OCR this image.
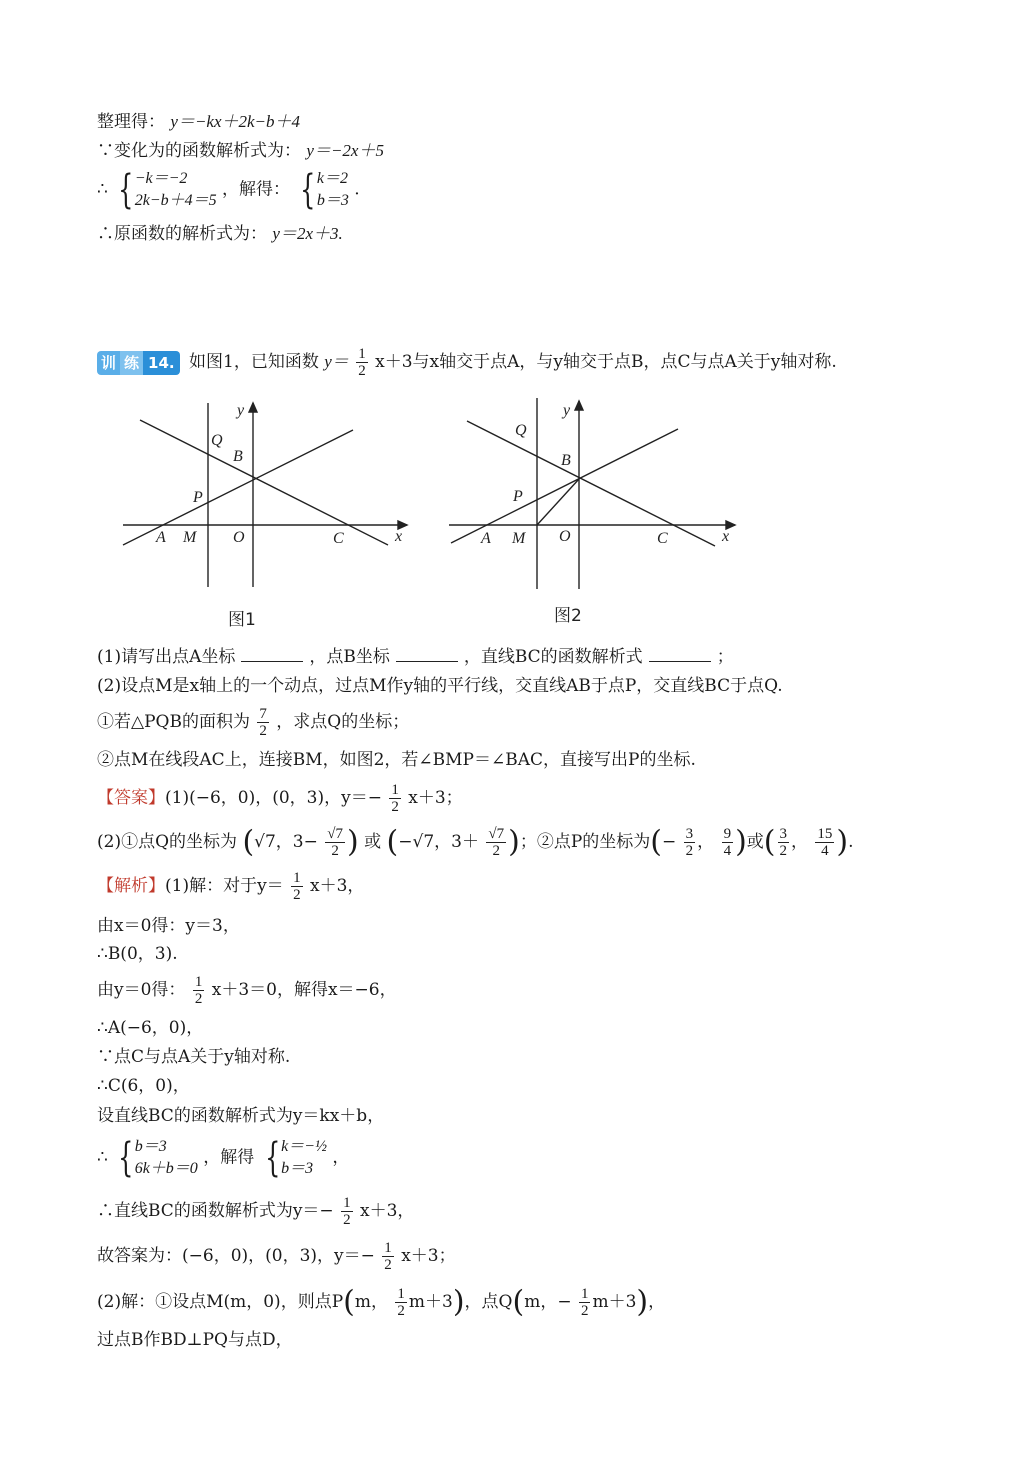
整理得： y＝−kx＋2k−b＋4
∵变化为的函数解析式为： y＝−2x＋5
∴ { −k＝−2
2k−b＋4＝5
，解得： { k＝2
b＝3
.
∴原函数的解析式为： y＝2x＋3.
训 练 14. 如图1，已知函数 $y= \frac{1}{2} x+3$与x轴交于点A，与y轴交于点B，点C与点A关于y轴对称.
y
x
Q
B
P
A M O	C
图1
y
x
Q
B
P
A M O	C
图2
(1)请写出点A坐标	，点B坐标	，直线BC的函数解析式	；
(2)设点M是x轴上的一个动点，过点M作y轴的平行线，交直线AB于点P，交直线BC于点Q.
①若△PQB的面积为 $\frac{7}{2}$ ，求点Q的坐标；
②点M在线段AC上，连接BM，如图2，若∠BMP＝∠BAC，直接写出P的坐标.
【答案】(1)(−6，0)，(0，3)，$y=- \frac{1}{2} x+3$；
(2)①点Q的坐标为 (√7，$3- \frac{√7}{2}$ ) 或 (−√7，$3+ \frac{√7}{2}$ )；②点P的坐标为(− $\frac{3}{2}$ ， $\frac{9}{4}$ )或( $\frac{3}{2}$ ， $\frac{15}{4}$ ).
【解析】(1)解：对于$y= \frac{1}{2} x+3$，
由x＝0得：y＝3，
∴B(0，3).
由y＝0得： $\frac{1}{2} x+3=0$，解得x＝−6，
∴A(−6，0)，
∵点C与点A关于y轴对称.
∴C(6，0)，
设直线BC的函数解析式为y＝kx＋b，
∴ { b＝3
6k＋b＝0
，解得 { k＝−½
b＝3
，
∴直线BC的函数解析式为$y=- \frac{1}{2} x+3$，
故答案为：(−6，0)，(0，3)，$y=- \frac{1}{2} x+3$；
(2)解：①设点M(m，0)，则点P(m， $\frac{1}{2} m+3$)，点Q(m，− $\frac{1}{2} m+3$)，
过点B作BD⊥PQ与点D，
